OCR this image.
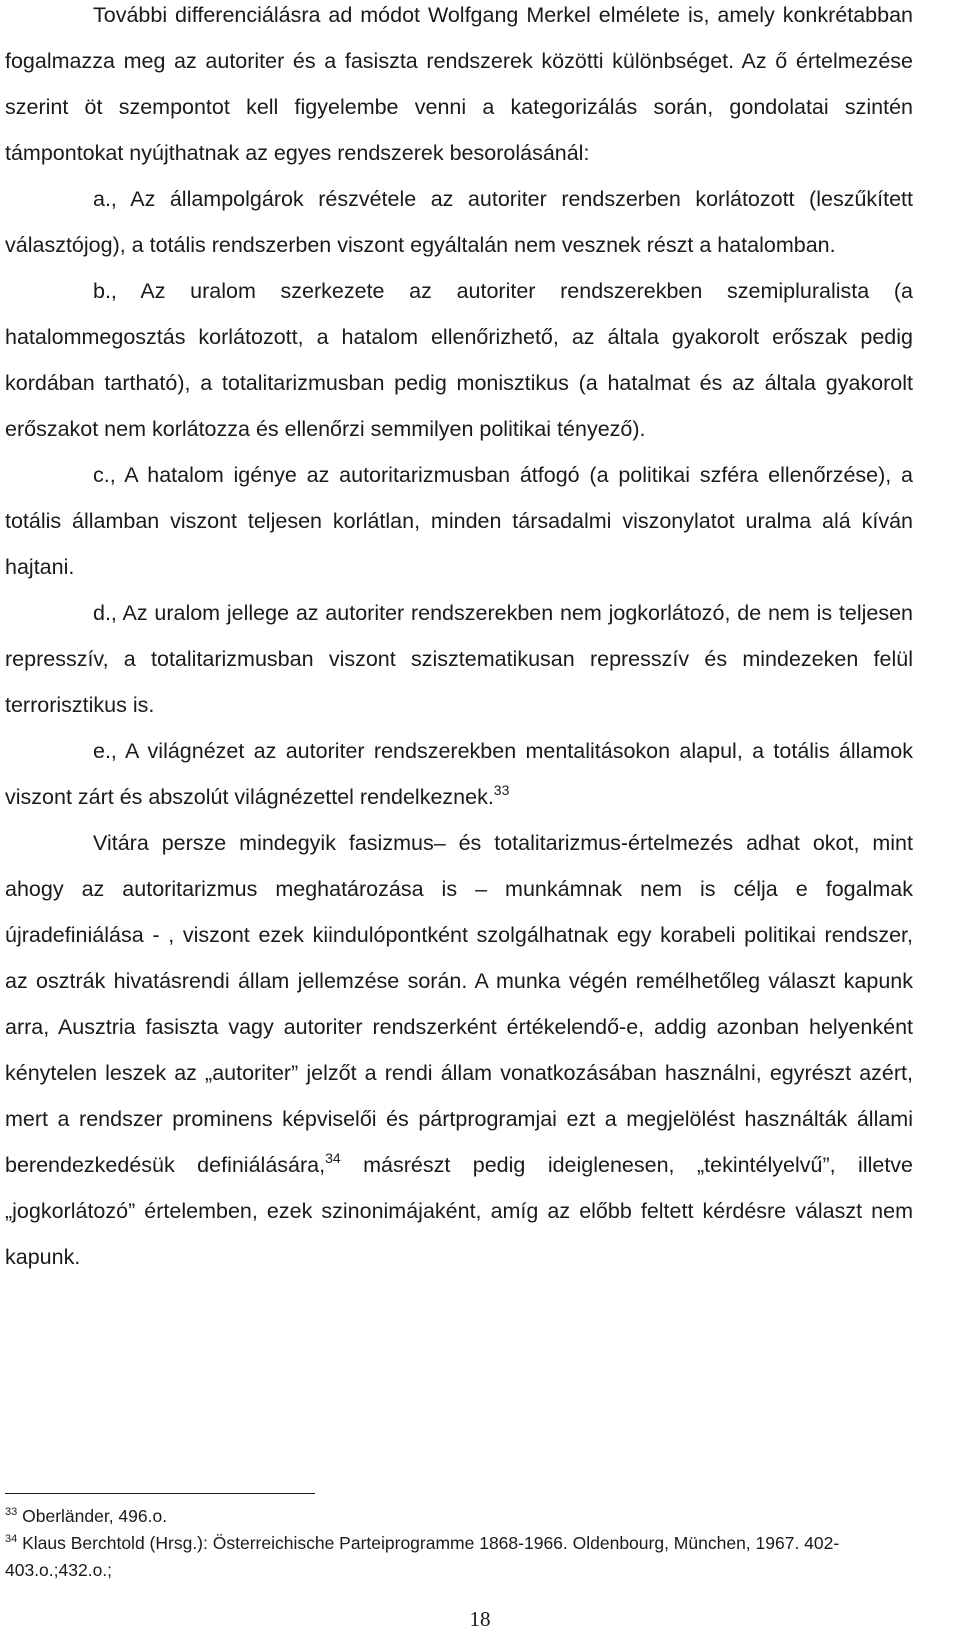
További differenciálásra ad módot Wolfgang Merkel elmélete is, amely konkrétabban fogalmazza meg az autoriter és a fasiszta rendszerek közötti különbséget. Az ő értelmezése szerint öt szempontot kell figyelembe venni a kategorizálás során, gondolatai szintén támpontokat nyújthatnak az egyes rendszerek besorolásánál:

a., Az állampolgárok részvétele az autoriter rendszerben korlátozott (leszűkített választójog), a totális rendszerben viszont egyáltalán nem vesznek részt a hatalomban.

b., Az uralom szerkezete az autoriter rendszerekben szemipluralista (a hatalommegosztás korlátozott, a hatalom ellenőrizhető, az általa gyakorolt erőszak pedig kordában tartható), a totalitarizmusban pedig monisztikus (a hatalmat és az általa gyakorolt erőszakot nem korlátozza és ellenőrzi semmilyen politikai tényező).

c., A hatalom igénye az autoritarizmusban átfogó (a politikai szféra ellenőrzése), a totális államban viszont teljesen korlátlan, minden társadalmi viszonylatot uralma alá kíván hajtani.

d., Az uralom jellege az autoriter rendszerekben nem jogkorlátozó, de nem is teljesen represszív, a totalitarizmusban viszont szisztematikusan represszív és mindezeken felül terrorisztikus is.

e., A világnézet az autoriter rendszerekben mentalitásokon alapul, a totális államok viszont zárt és abszolút világnézettel rendelkeznek.$^{33}$

Vitára persze mindegyik fasizmus– és totalitarizmus-értelmezés adhat okot, mint ahogy az autoritarizmus meghatározása is – munkámnak nem is célja e fogalmak újradefiniálása - , viszont ezek kiindulópontként szolgálhatnak egy korabeli politikai rendszer, az osztrák hivatásrendi állam jellemzése során. A munka végén remélhetőleg választ kapunk arra, Ausztria fasiszta vagy autoriter rendszerként értékelendő-e, addig azonban helyenként kénytelen leszek az „autoriter” jelzőt a rendi állam vonatkozásában használni, egyrészt azért, mert a rendszer prominens képviselői és pártprogramjai ezt a megjelölést használták állami berendezkedésük definiálására,$^{34}$ másrészt pedig ideiglenesen, „tekintélyelvű”, illetve „jogkorlátozó” értelemben, ezek szinonimájaként, amíg az előbb feltett kérdésre választ nem kapunk.

$^{33}$ Oberländer, 496.o.

$^{34}$ Klaus Berchtold (Hrsg.): Österreichische Parteiprogramme 1868-1966. Oldenbourg, München, 1967. 402-403.o.;432.o.;

18
